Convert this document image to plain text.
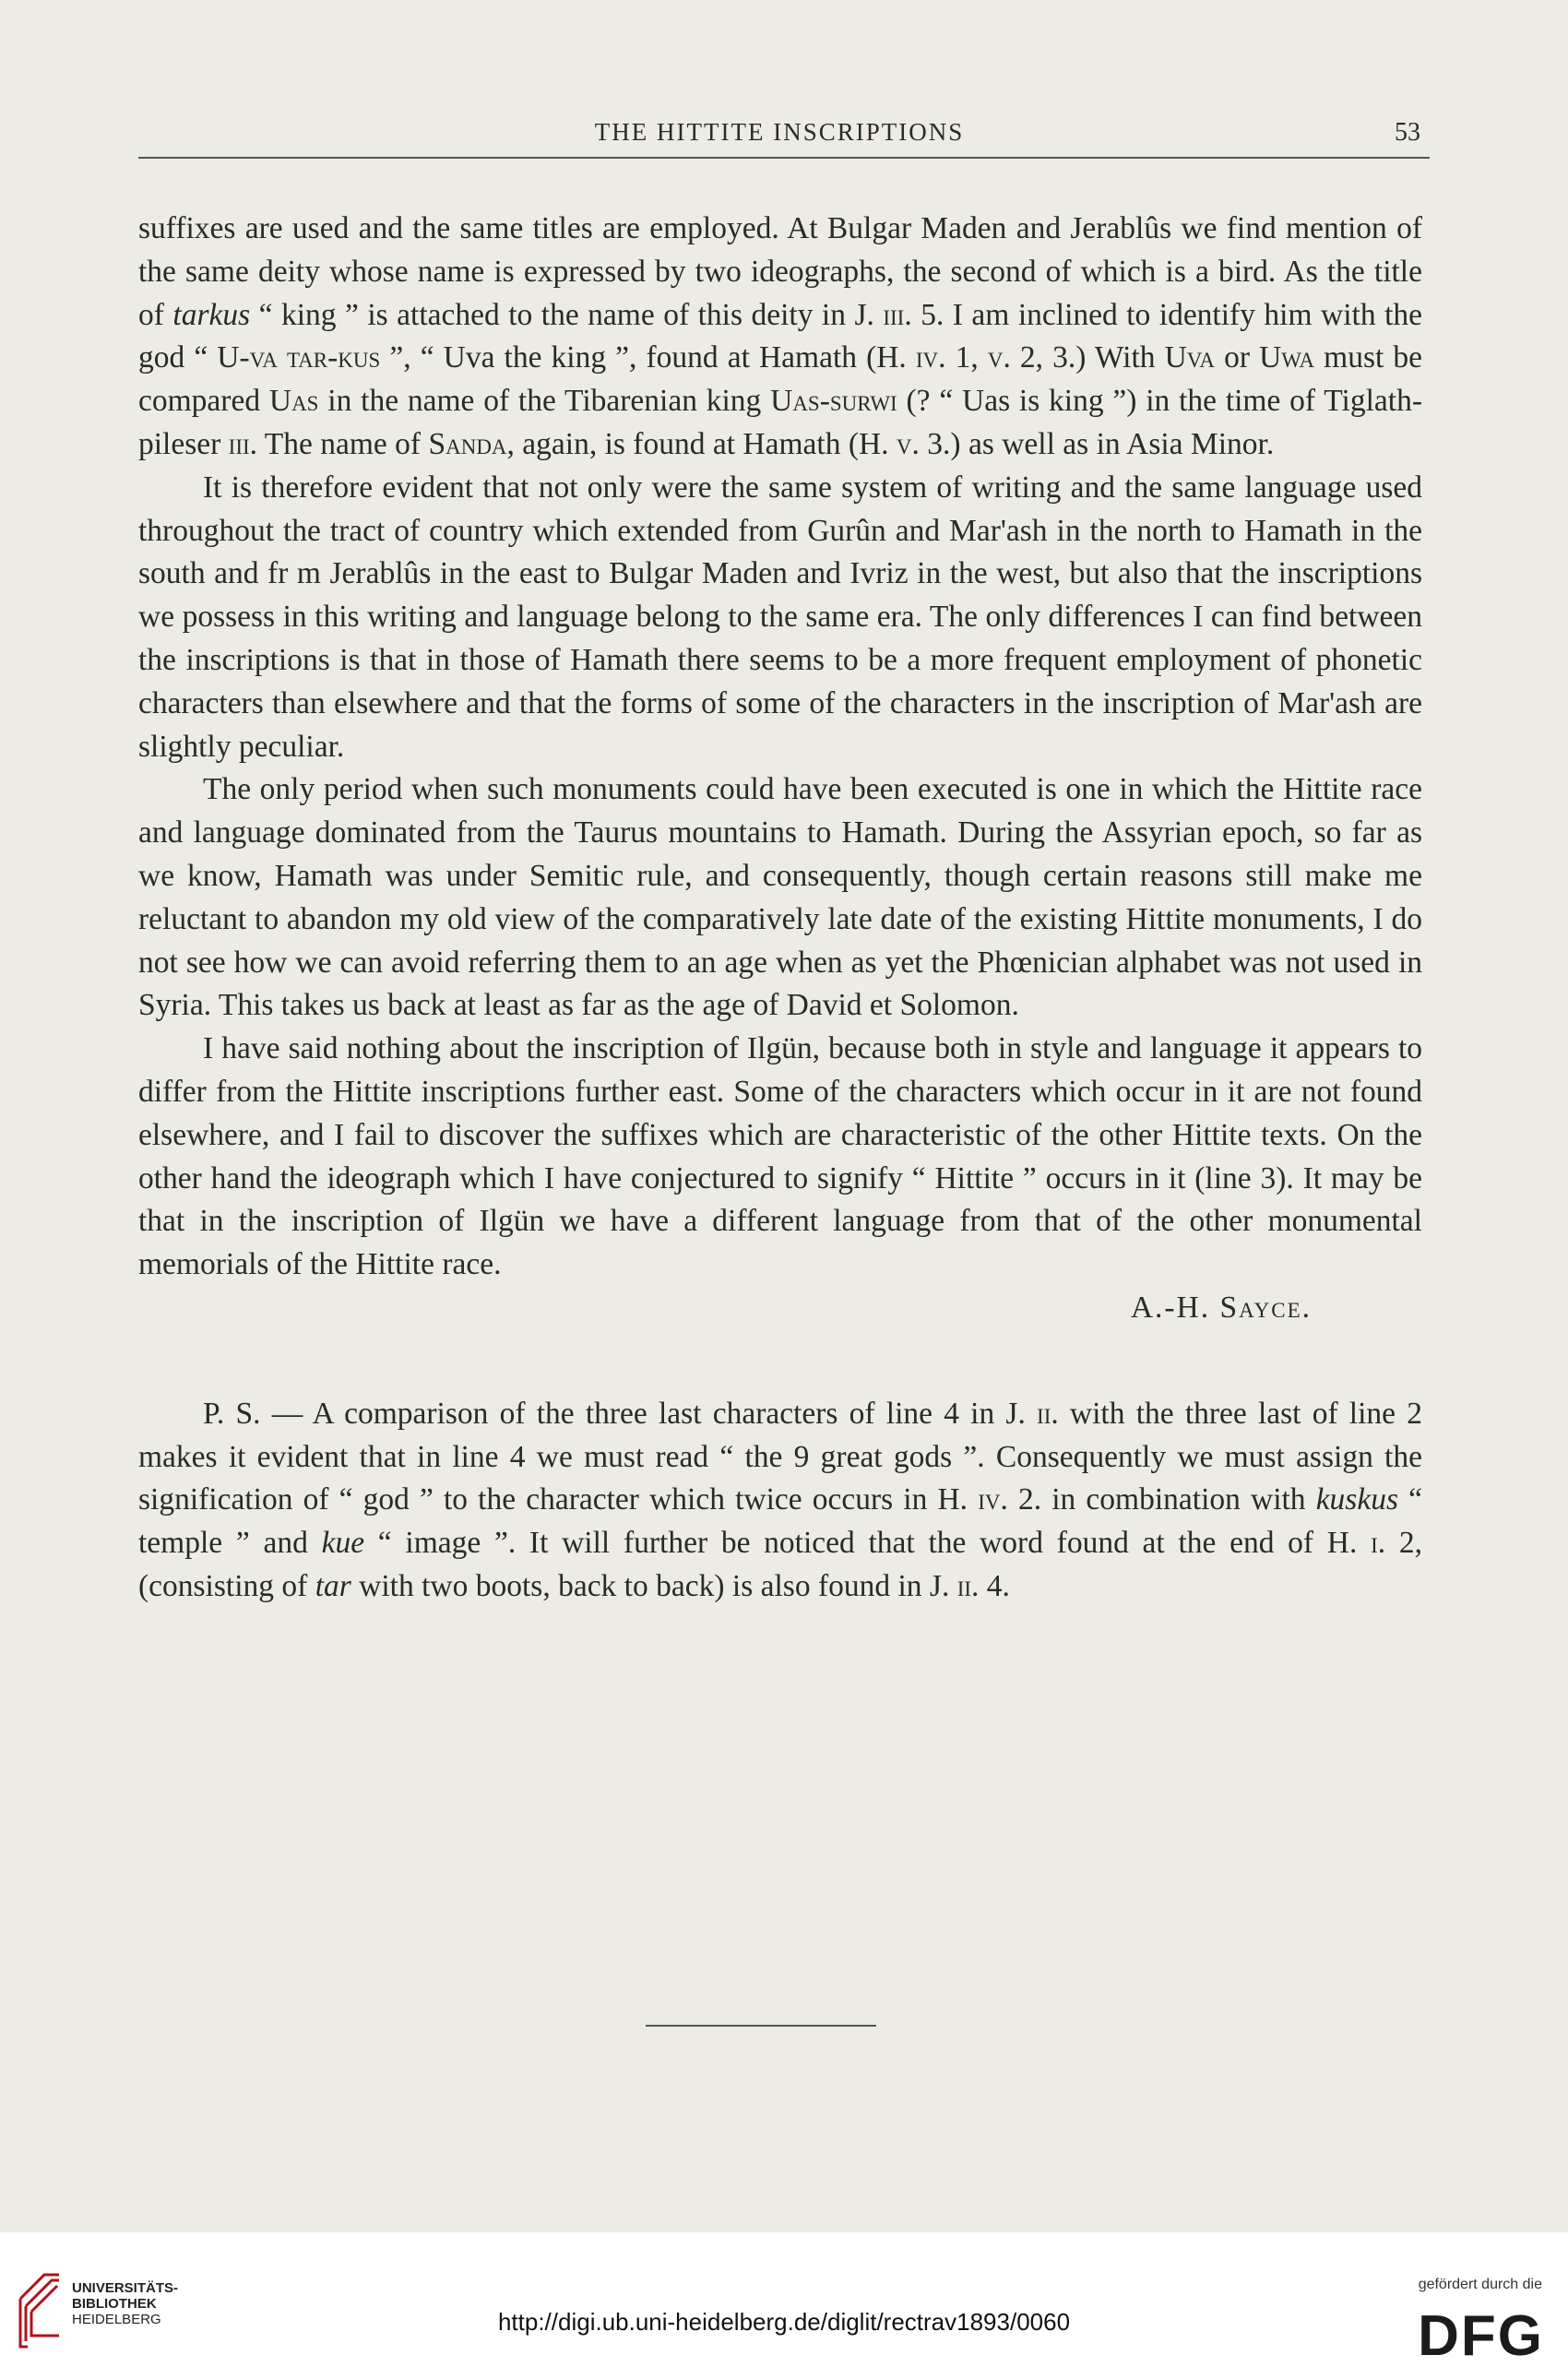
THE HITTITE INSCRIPTIONS	53

suffixes are used and the same titles are employed. At Bulgar Maden and Jerablûs we find mention of the same deity whose name is expressed by two ideographs, the second of which is a bird. As the title of tarkus “ king ” is attached to the name of this deity in J. iii. 5. I am inclined to identify him with the god “ U-va tar-kus ”, “ Uva the king ”, found at Hamath (H. iv. 1, v. 2, 3.) With Uva or Uwa must be compared Uas in the name of the Tibarenian king Uas-surwi (? “ Uas is king ”) in the time of Tiglath-pileser iii. The name of Sanda, again, is found at Hamath (H. v. 3.) as well as in Asia Minor.

It is therefore evident that not only were the same system of writing and the same language used throughout the tract of country which extended from Gurûn and Mar'ash in the north to Hamath in the south and fr m Jerablûs in the east to Bulgar Maden and Ivriz in the west, but also that the inscriptions we possess in this writing and language belong to the same era. The only differences I can find between the inscriptions is that in those of Hamath there seems to be a more frequent employment of phonetic characters than elsewhere and that the forms of some of the characters in the inscription of Mar'ash are slightly peculiar.

The only period when such monuments could have been executed is one in which the Hittite race and language dominated from the Taurus mountains to Hamath. During the Assyrian epoch, so far as we know, Hamath was under Semitic rule, and consequently, though certain reasons still make me reluctant to abandon my old view of the comparatively late date of the existing Hittite monuments, I do not see how we can avoid referring them to an age when as yet the Phœnician alphabet was not used in Syria. This takes us back at least as far as the age of David et Solomon.

I have said nothing about the inscription of Ilgün, because both in style and language it appears to differ from the Hittite inscriptions further east. Some of the characters which occur in it are not found elsewhere, and I fail to discover the suffixes which are characteristic of the other Hittite texts. On the other hand the ideograph which I have conjectured to signify “ Hittite ” occurs in it (line 3). It may be that in the inscription of Ilgün we have a different language from that of the other monumental memorials of the Hittite race.

A.-H. Sayce.

P. S. — A comparison of the three last characters of line 4 in J. ii. with the three last of line 2 makes it evident that in line 4 we must read “ the 9 great gods ”. Consequently we must assign the signification of “ god ” to the character which twice occurs in H. iv. 2. in combination with kuskus “ temple ” and kue “ image ”. It will further be noticed that the word found at the end of H. i. 2, (consisting of tar with two boots, back to back) is also found in J. ii. 4.

UNIVERSITÄTS-
BIBLIOTHEK
HEIDELBERG	http://digi.ub.uni-heidelberg.de/diglit/rectrav1893/0060
gefördert durch die
DFG
